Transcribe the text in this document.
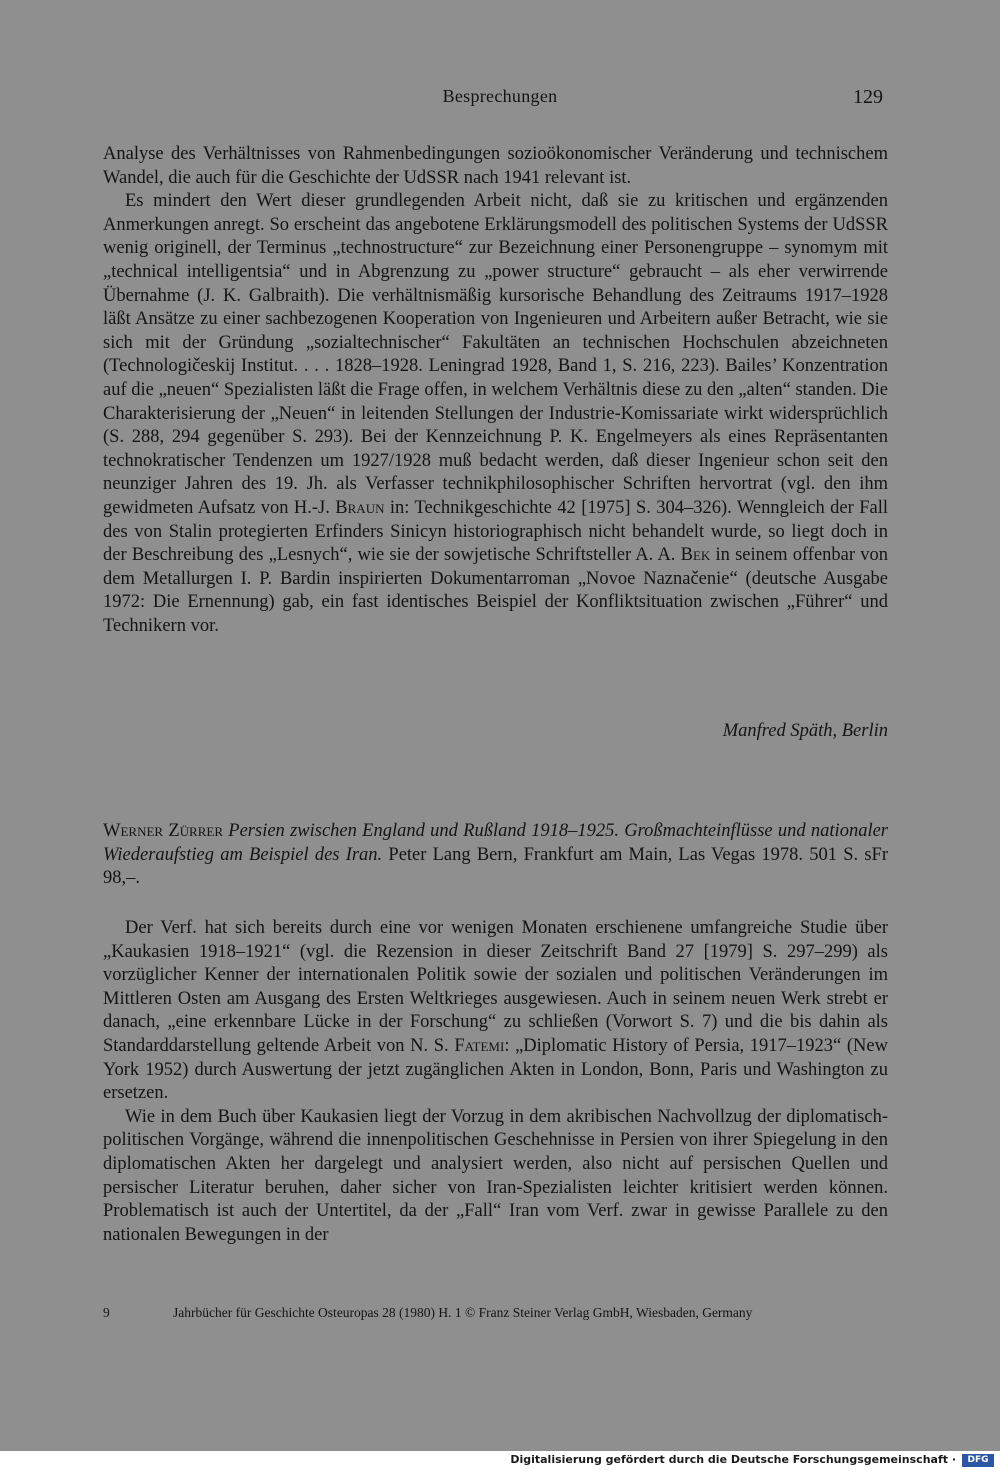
Besprechungen	129

Analyse des Verhältnisses von Rahmenbedingungen sozioökonomischer Veränderung und technischem Wandel, die auch für die Geschichte der UdSSR nach 1941 relevant ist.

Es mindert den Wert dieser grundlegenden Arbeit nicht, daß sie zu kritischen und ergänzenden Anmerkungen anregt. So erscheint das angebotene Erklärungsmodell des politischen Systems der UdSSR wenig originell, der Terminus „technostructure“ zur Bezeichnung einer Personengruppe – synomym mit „technical intelligentsia“ und in Abgrenzung zu „power structure“ gebraucht – als eher verwirrende Übernahme (J. K. Galbraith). Die verhältnismäßig kursorische Behandlung des Zeitraums 1917–1928 läßt Ansätze zu einer sachbezogenen Kooperation von Ingenieuren und Arbeitern außer Betracht, wie sie sich mit der Gründung „sozialtechnischer“ Fakultäten an technischen Hochschulen abzeichneten (Technologičeskij Institut. . . . 1828–1928. Leningrad 1928, Band 1, S. 216, 223). Bailes’ Konzentration auf die „neuen“ Spezialisten läßt die Frage offen, in welchem Verhältnis diese zu den „alten“ standen. Die Charakterisierung der „Neuen“ in leitenden Stellungen der Industrie-Komissariate wirkt widersprüchlich (S. 288, 294 gegenüber S. 293). Bei der Kennzeichnung P. K. Engelmeyers als eines Repräsentanten technokratischer Tendenzen um 1927/1928 muß bedacht werden, daß dieser Ingenieur schon seit den neunziger Jahren des 19. Jh. als Verfasser technikphilosophischer Schriften hervortrat (vgl. den ihm gewidmeten Aufsatz von H.-J. Braun in: Technikgeschichte 42 [1975] S. 304–326). Wenngleich der Fall des von Stalin protegierten Erfinders Sinicyn historiographisch nicht behandelt wurde, so liegt doch in der Beschreibung des „Lesnych“, wie sie der sowjetische Schriftsteller A. A. Bek in seinem offenbar von dem Metallurgen I. P. Bardin inspirierten Dokumentarroman „Novoe Naznačenie“ (deutsche Ausgabe 1972: Die Ernennung) gab, ein fast identisches Beispiel der Konfliktsituation zwischen „Führer“ und Technikern vor.

Manfred Späth, Berlin

Werner Zürrer Persien zwischen England und Rußland 1918–1925. Großmachteinflüsse und nationaler Wiederaufstieg am Beispiel des Iran. Peter Lang Bern, Frankfurt am Main, Las Vegas 1978. 501 S. sFr 98,–.

Der Verf. hat sich bereits durch eine vor wenigen Monaten erschienene umfangreiche Studie über „Kaukasien 1918–1921“ (vgl. die Rezension in dieser Zeitschrift Band 27 [1979] S. 297–299) als vorzüglicher Kenner der internationalen Politik sowie der sozialen und politischen Veränderungen im Mittleren Osten am Ausgang des Ersten Weltkrieges ausgewiesen. Auch in seinem neuen Werk strebt er danach, „eine erkennbare Lücke in der Forschung“ zu schließen (Vorwort S. 7) und die bis dahin als Standarddarstellung geltende Arbeit von N. S. Fatemi: „Diplomatic History of Persia, 1917–1923“ (New York 1952) durch Auswertung der jetzt zugänglichen Akten in London, Bonn, Paris und Washington zu ersetzen.

Wie in dem Buch über Kaukasien liegt der Vorzug in dem akribischen Nachvollzug der diplomatisch-politischen Vorgänge, während die innenpolitischen Geschehnisse in Persien von ihrer Spiegelung in den diplomatischen Akten her dargelegt und analysiert werden, also nicht auf persischen Quellen und persischer Literatur beruhen, daher sicher von Iran-Spezialisten leichter kritisiert werden können. Problematisch ist auch der Untertitel, da der „Fall“ Iran vom Verf. zwar in gewisse Parallele zu den nationalen Bewegungen in der

9	Jahrbücher für Geschichte Osteuropas 28 (1980) H. 1 © Franz Steiner Verlag GmbH, Wiesbaden, Germany
Digitalisierung gefördert durch die Deutsche Forschungsgemeinschaft ·	DFG
